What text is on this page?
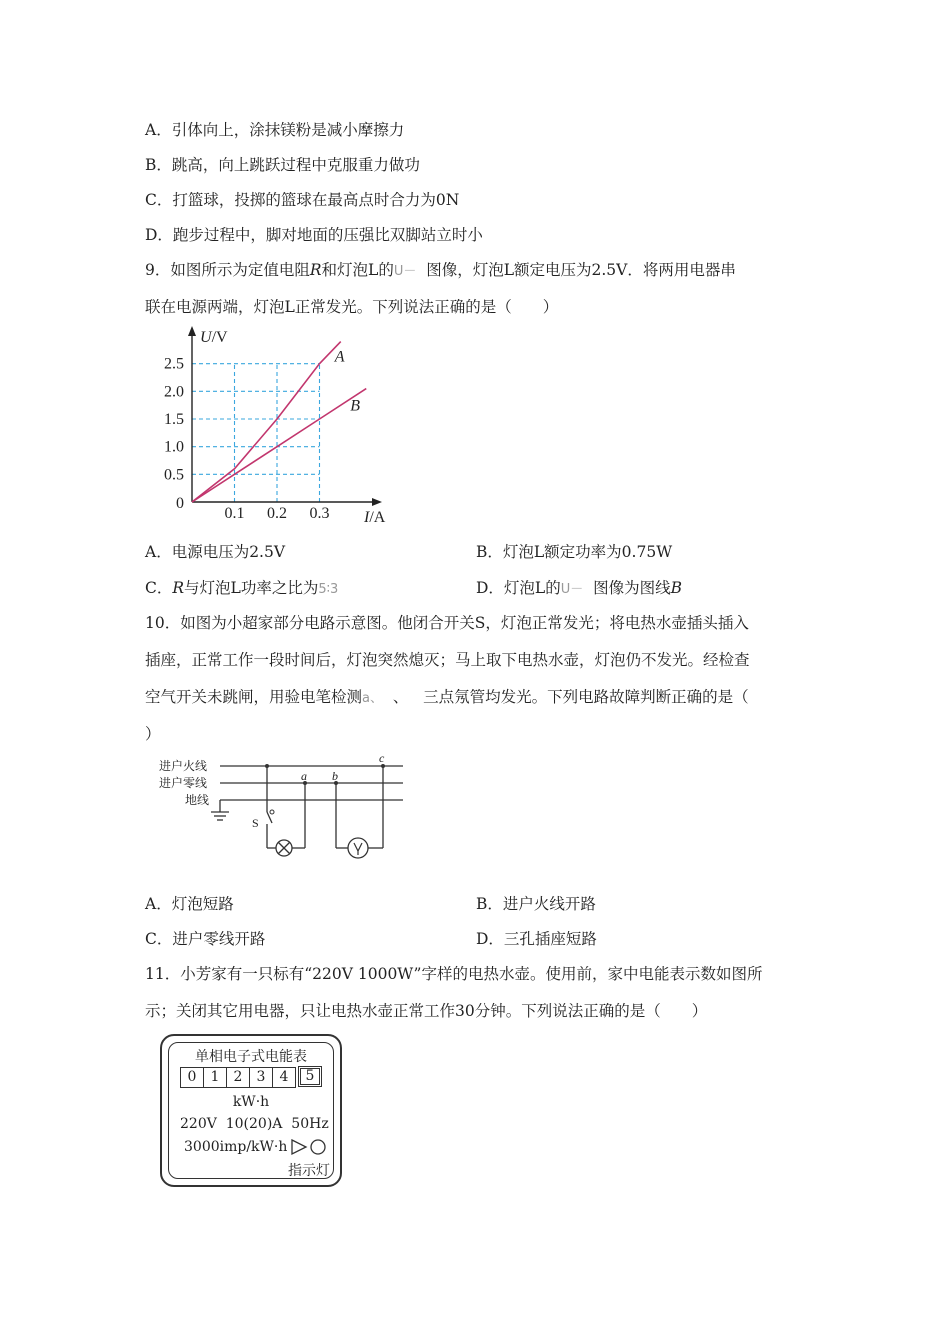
A．引体向上，涂抹镁粉是减小摩擦力
B．跳高，向上跳跃过程中克服重力做功
C．打篮球，投掷的篮球在最高点时合力为0N
D．跑步过程中，脚对地面的压强比双脚站立时小
9．如图所示为定值电阻R和灯泡L的U－ 图像，灯泡L额定电压为2.5V．将两用电器串
联在电源两端，灯泡L正常发光。下列说法正确的是（　　）
0.1 0.2 0.3
0.5
1.0
1.5
2.0
2.5
0
U/V
I/A
A
B
A．电源电压为2.5V	B．灯泡L额定功率为0.75W
C．R与灯泡L功率之比为5∶3	D．灯泡L的U－ 图像为图线B
10．如图为小超家部分电路示意图。他闭合开关S，灯泡正常发光；将电热水壶插头插入
插座，正常工作一段时间后，灯泡突然熄灭；马上取下电热水壶，灯泡仍不发光。经检查
空气开关未跳闸，用验电笔检测a、 、 三点氖管均发光。下列电路故障判断正确的是（
）
进户火线
进户零线
地线
S
a b
c
A．灯泡短路	B．进户火线开路
C．进户零线开路	D．三孔插座短路
11．小芳家有一只标有“220V 1000W”字样的电热水壶。使用前，家中电能表示数如图所
示；关闭其它用电器，只让电热水壶正常工作30分钟。下列说法正确的是（　　）
单相电子式电能表
0	1	2	3	4	5
kW·h
220V  10(20)A  50Hz
3000imp/kW·h
指示灯
